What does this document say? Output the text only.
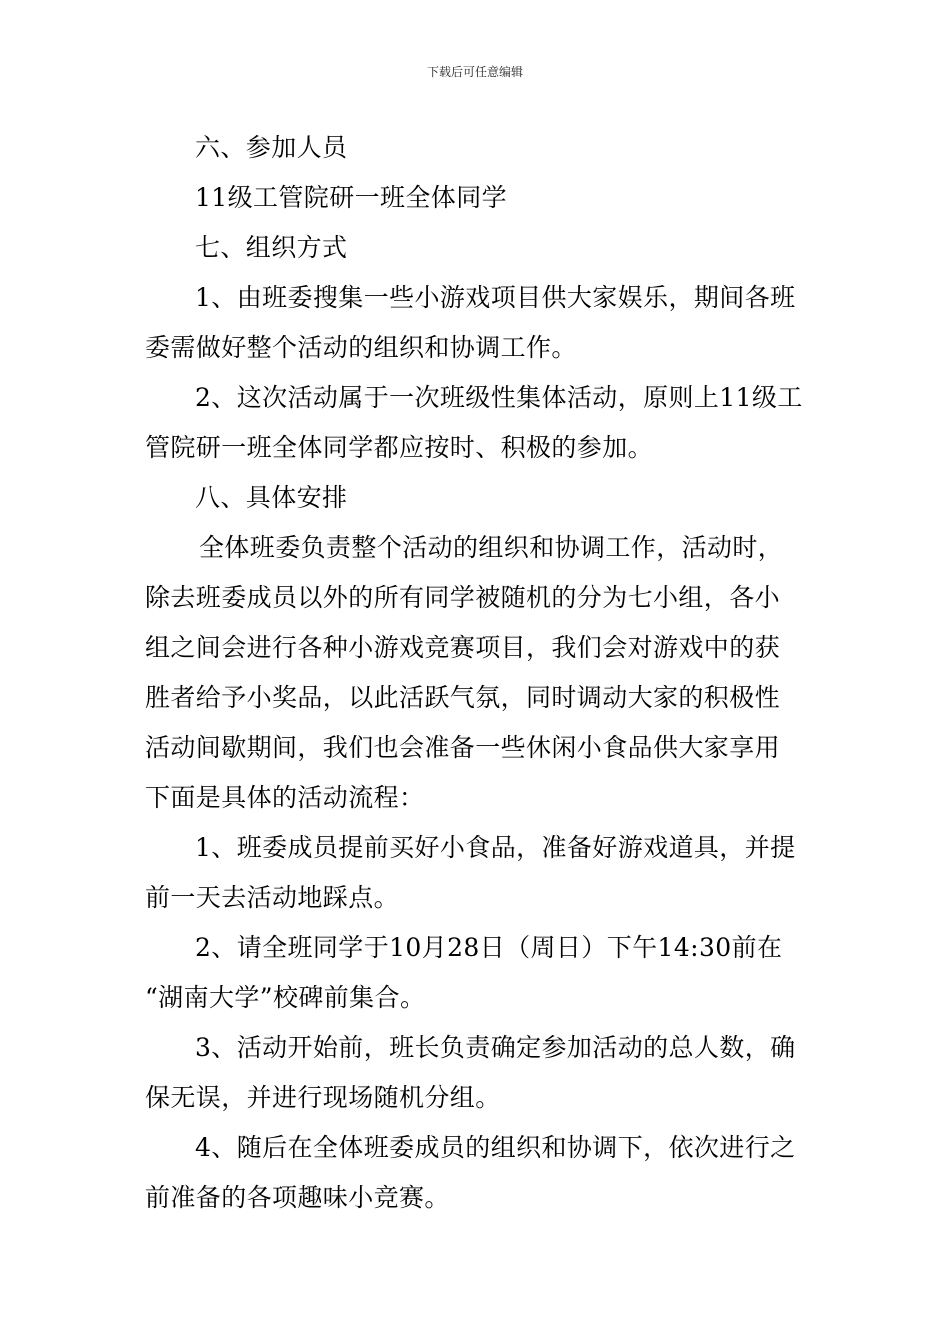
下载后可任意编辑
六、参加人员
11级工管院研一班全体同学
七、组织方式
1、由班委搜集一些小游戏项目供大家娱乐，期间各班
委需做好整个活动的组织和协调工作。
2、这次活动属于一次班级性集体活动，原则上11级工
管院研一班全体同学都应按时、积极的参加。
八、具体安排
全体班委负责整个活动的组织和协调工作，活动时，
除去班委成员以外的所有同学被随机的分为七小组，各小
组之间会进行各种小游戏竞赛项目，我们会对游戏中的获
胜者给予小奖品，以此活跃气氛，同时调动大家的积极性
活动间歇期间，我们也会准备一些休闲小食品供大家享用
下面是具体的活动流程：
1、班委成员提前买好小食品，准备好游戏道具，并提
前一天去活动地踩点。
2、请全班同学于10月28日（周日）下午14:30前在
“湖南大学”校碑前集合。
3、活动开始前，班长负责确定参加活动的总人数，确
保无误，并进行现场随机分组。
4、随后在全体班委成员的组织和协调下，依次进行之
前准备的各项趣味小竞赛。
